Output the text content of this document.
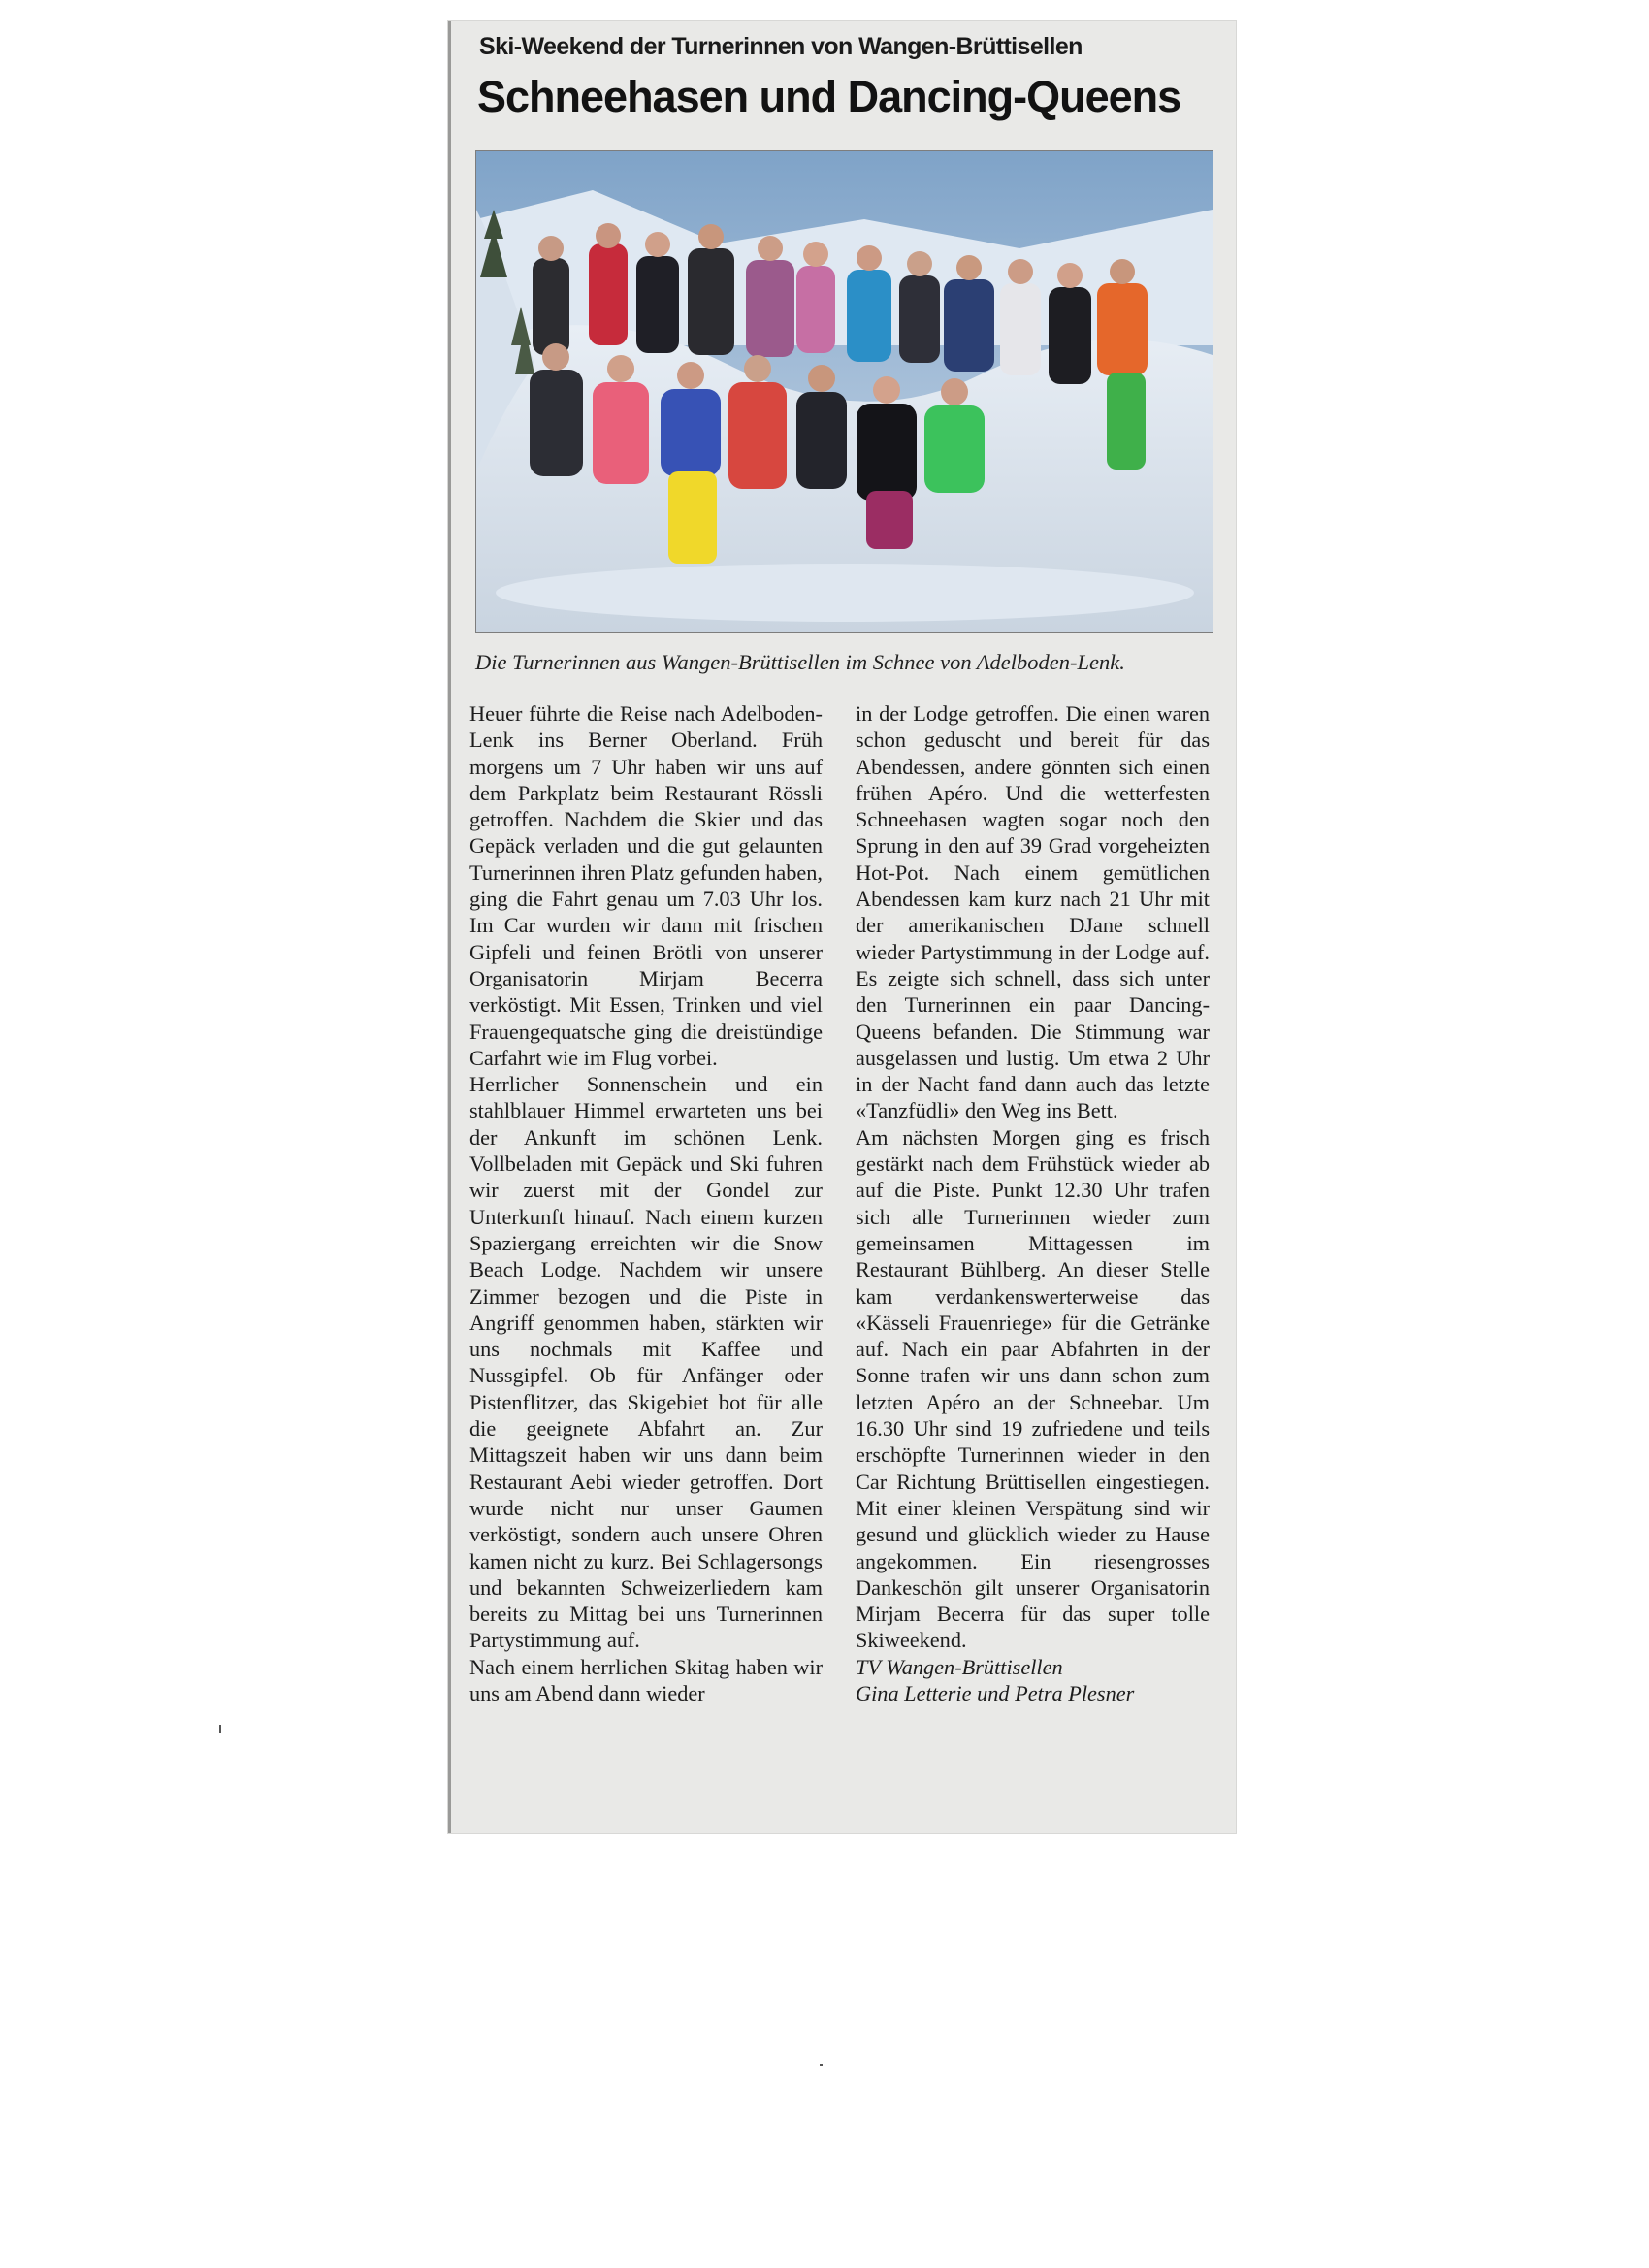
Ski-Weekend der Turnerinnen von Wangen-Brüttisellen
Schneehasen und Dancing-Queens
Die Turnerinnen aus Wangen-Brüttisellen im Schnee von Adelboden-Lenk.

Heuer führte die Reise nach Adelboden-Lenk ins Berner Oberland. Früh morgens um 7 Uhr haben wir uns auf dem Parkplatz beim Restaurant Rössli getroffen. Nachdem die Skier und das Gepäck verladen und die gut gelaunten Turnerinnen ihren Platz gefunden haben, ging die Fahrt genau um 7.03 Uhr los. Im Car wurden wir dann mit frischen Gipfeli und feinen Brötli von unserer Organisatorin Mirjam Becerra verköstigt. Mit Essen, Trinken und viel Frauengequatsche ging die dreistündige Carfahrt wie im Flug vorbei.

Herrlicher Sonnenschein und ein stahlblauer Himmel erwarteten uns bei der Ankunft im schönen Lenk. Vollbeladen mit Gepäck und Ski fuhren wir zuerst mit der Gondel zur Unterkunft hinauf. Nach einem kurzen Spaziergang erreichten wir die Snow Beach Lodge. Nachdem wir unsere Zimmer bezogen und die Piste in Angriff genommen haben, stärkten wir uns nochmals mit Kaffee und Nussgipfel. Ob für Anfänger oder Pistenflitzer, das Skigebiet bot für alle die geeignete Abfahrt an. Zur Mittagszeit haben wir uns dann beim Restaurant Aebi wieder getroffen. Dort wurde nicht nur unser Gaumen verköstigt, sondern auch unsere Ohren kamen nicht zu kurz. Bei Schlagersongs und bekannten Schweizerliedern kam bereits zu Mittag bei uns Turnerinnen Partystimmung auf.

Nach einem herrlichen Skitag haben wir uns am Abend dann wieder

in der Lodge getroffen. Die einen waren schon geduscht und bereit für das Abendessen, andere gönnten sich einen frühen Apéro. Und die wetterfesten Schneehasen wagten sogar noch den Sprung in den auf 39 Grad vorgeheizten Hot-Pot. Nach einem gemütlichen Abendessen kam kurz nach 21 Uhr mit der amerikanischen DJane schnell wieder Partystimmung in der Lodge auf. Es zeigte sich schnell, dass sich unter den Turnerinnen ein paar Dancing-Queens befanden. Die Stimmung war ausgelassen und lustig. Um etwa 2 Uhr in der Nacht fand dann auch das letzte «Tanzfüdli» den Weg ins Bett.

Am nächsten Morgen ging es frisch gestärkt nach dem Frühstück wieder ab auf die Piste. Punkt 12.30 Uhr trafen sich alle Turnerinnen wieder zum gemeinsamen Mittagessen im Restaurant Bühlberg. An dieser Stelle kam verdankenswerterweise das «Kässeli Frauenriege» für die Getränke auf. Nach ein paar Abfahrten in der Sonne trafen wir uns dann schon zum letzten Apéro an der Schneebar. Um 16.30 Uhr sind 19 zufriedene und teils erschöpfte Turnerinnen wieder in den Car Richtung Brüttisellen eingestiegen. Mit einer kleinen Verspätung sind wir gesund und glücklich wieder zu Hause angekommen. Ein riesengrosses Dankeschön gilt unserer Organisatorin Mirjam Becerra für das super tolle Skiweekend.

TV Wangen-Brüttisellen

Gina Letterie und Petra Plesner
